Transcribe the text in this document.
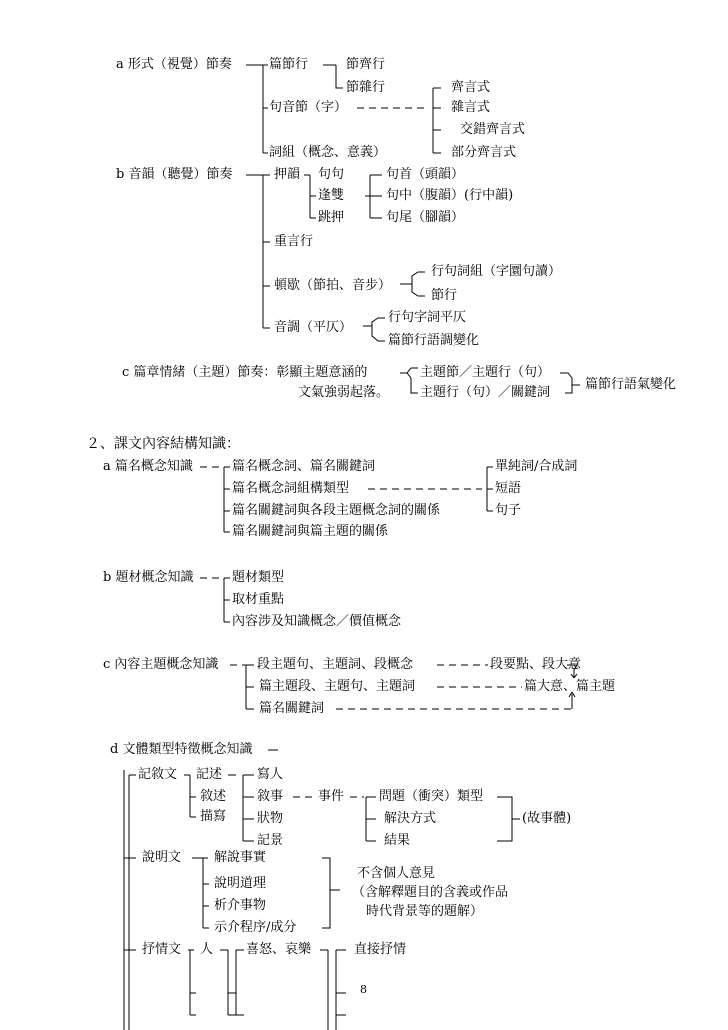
a 形式（視覺）節奏	篇節行	節齊行
節雜行
句音節（字）
齊言式
雜言式
交錯齊言式
部分齊言式
詞組（概念、意義）
b 音韻（聽覺）節奏	押韻 句句
逢雙
跳押
句首（頭韻）
句中（腹韻）(行中韻)
句尾（腳韻）
重言行
頓歇（節拍、音步）
行句詞組（字圜句讀）
節行
音調（平仄）
行句字詞平仄
篇節行語調變化
c 篇章情緒（主題）節奏：彰顯主題意涵的
文氣強弱起落。
主題節／主題行（句）
主題行（句）／關鍵詞
篇節行語氣變化
２、課文內容結構知識：
a 篇名概念知識	篇名概念詞、篇名關鍵詞
篇名概念詞組構類型
篇名關鍵詞與各段主題概念詞的關係
篇名關鍵詞與篇主題的關係
單純詞/合成詞
短語
句子
b 題材概念知識	題材類型
取材重點
內容涉及知識概念／價值概念
c 內容主題概念知識	段主題句、主題詞、段概念	段要點、段大意
篇主題段、主題句、主題詞	篇大意、篇主題
篇名關鍵詞
d 文體類型特徵概念知識
記敘文 記述
敘述
描寫
寫人
敘事
狀物
記景
事件	問題（衝突）類型
解決方式
結果
(故事體)
說明文	解說事實
說明道理
析介事物
示介程序/成分
不含個人意見
（含解釋題目的含義或作品
時代背景等的題解）
抒情文 人	喜怒、哀樂	直接抒情
8
